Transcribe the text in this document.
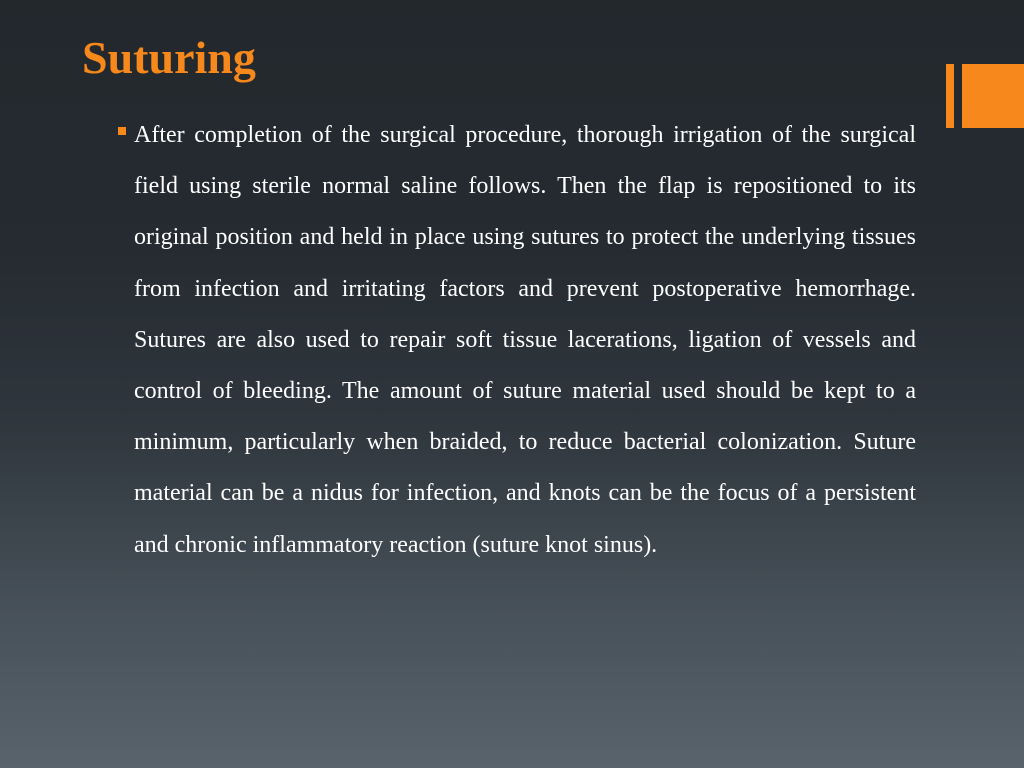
Suturing
After completion of the surgical procedure, thorough irrigation of the surgical field using sterile normal saline follows. Then the flap is repositioned to its original position and held in place using sutures to protect the underlying tissues from infection and irritating factors and prevent postoperative hemorrhage. Sutures are also used to repair soft tissue lacerations, ligation of vessels and control of bleeding. The amount of suture material used should be kept to a minimum, particularly when braided, to reduce bacterial colonization. Suture material can be a nidus for infection, and knots can be the focus of a persistent and chronic inflammatory reaction (suture knot sinus).
